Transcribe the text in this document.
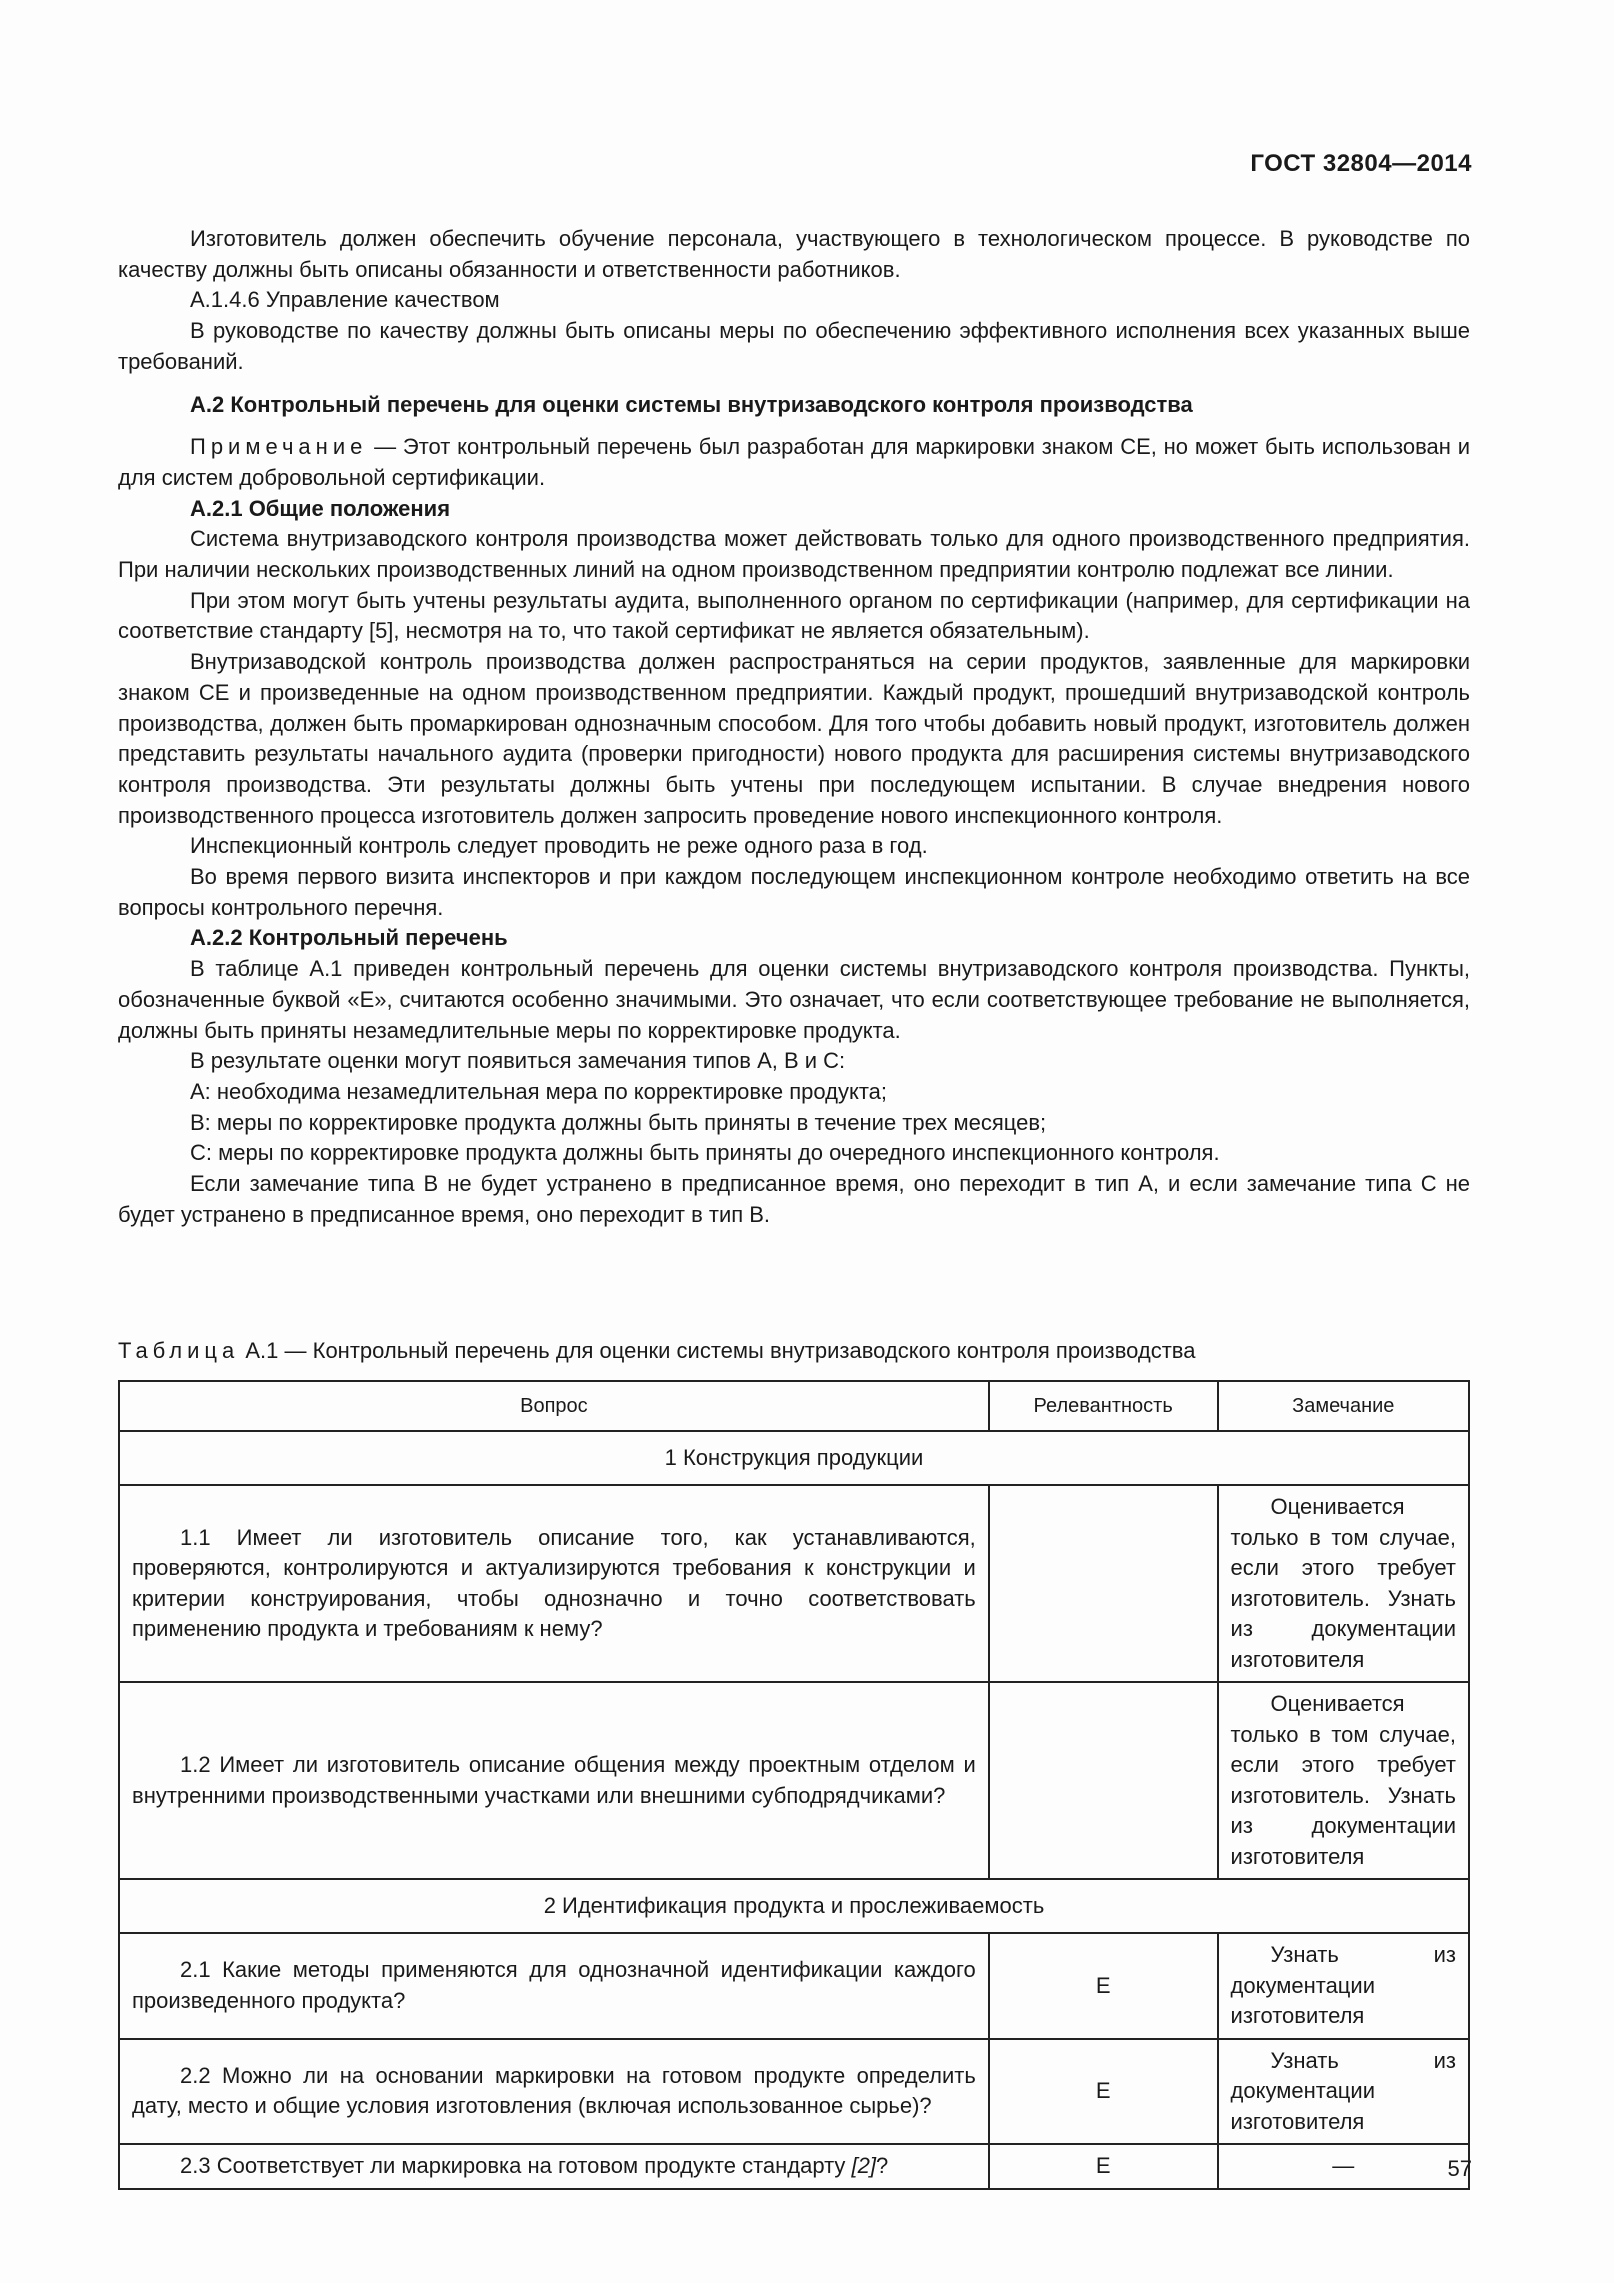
ГОСТ 32804—2014

Изготовитель должен обеспечить обучение персонала, участвующего в технологическом процессе. В руководстве по качеству должны быть описаны обязанности и ответственности работников.

А.1.4.6 Управление качеством

В руководстве по качеству должны быть описаны меры по обеспечению эффективного исполнения всех указанных выше требований.

А.2 Контрольный перечень для оценки системы внутризаводского контроля производства

Примечание — Этот контрольный перечень был разработан для маркировки знаком СЕ, но может быть использован и для систем добровольной сертификации.

А.2.1 Общие положения

Система внутризаводского контроля производства может действовать только для одного производственного предприятия. При наличии нескольких производственных линий на одном производственном предприятии контролю подлежат все линии.

При этом могут быть учтены результаты аудита, выполненного органом по сертификации (например, для сертификации на соответствие стандарту [5], несмотря на то, что такой сертификат не является обязательным).

Внутризаводской контроль производства должен распространяться на серии продуктов, заявленные для маркировки знаком СЕ и произведенные на одном производственном предприятии. Каждый продукт, прошедший внутризаводской контроль производства, должен быть промаркирован однозначным способом. Для того чтобы добавить новый продукт, изготовитель должен представить результаты начального аудита (проверки пригодности) нового продукта для расширения системы внутризаводского контроля производства. Эти результаты должны быть учтены при последующем испытании. В случае внедрения нового производственного процесса изготовитель должен запросить проведение нового инспекционного контроля.

Инспекционный контроль следует проводить не реже одного раза в год.

Во время первого визита инспекторов и при каждом последующем инспекционном контроле необходимо ответить на все вопросы контрольного перечня.

А.2.2 Контрольный перечень

В таблице А.1 приведен контрольный перечень для оценки системы внутризаводского контроля производства. Пункты, обозначенные буквой «Е», считаются особенно значимыми. Это означает, что если соответствующее требование не выполняется, должны быть приняты незамедлительные меры по корректировке продукта.

В результате оценки могут появиться замечания типов А, В и С:

А: необходима незамедлительная мера по корректировке продукта;

В: меры по корректировке продукта должны быть приняты в течение трех месяцев;

С: меры по корректировке продукта должны быть приняты до очередного инспекционного контроля.

Если замечание типа В не будет устранено в предписанное время, оно переходит в тип А, и если замечание типа С не будет устранено в предписанное время, оно переходит в тип В.

Таблица А.1 — Контрольный перечень для оценки системы внутризаводского контроля производства
Вопрос	Релевантность	Замечание
1 Конструкция продукции		
1.1 Имеет ли изготовитель описание того, как устанавливаются, проверяются, контролируются и актуализируются требования к конструкции и критерии конструирования, чтобы однозначно и точно соответствовать применению продукта и требованиям к нему?		Оценивается только в том случае, если этого требует изготовитель. Узнать из документации изготовителя
1.2 Имеет ли изготовитель описание общения между проектным отделом и внутренними производственными участками или внешними субподрядчиками?		Оценивается только в том случае, если этого требует изготовитель. Узнать из документации изготовителя
2 Идентификация продукта и прослеживаемость		
2.1 Какие методы применяются для однозначной идентификации каждого произведенного продукта?	Е	Узнать из документации изготовителя
2.2 Можно ли на основании маркировки на готовом продукте определить дату, место и общие условия изготовления (включая использованное сырье)?	Е	Узнать из документации изготовителя
2.3 Соответствует ли маркировка на готовом продукте стандарту [2]?	Е	—	57
